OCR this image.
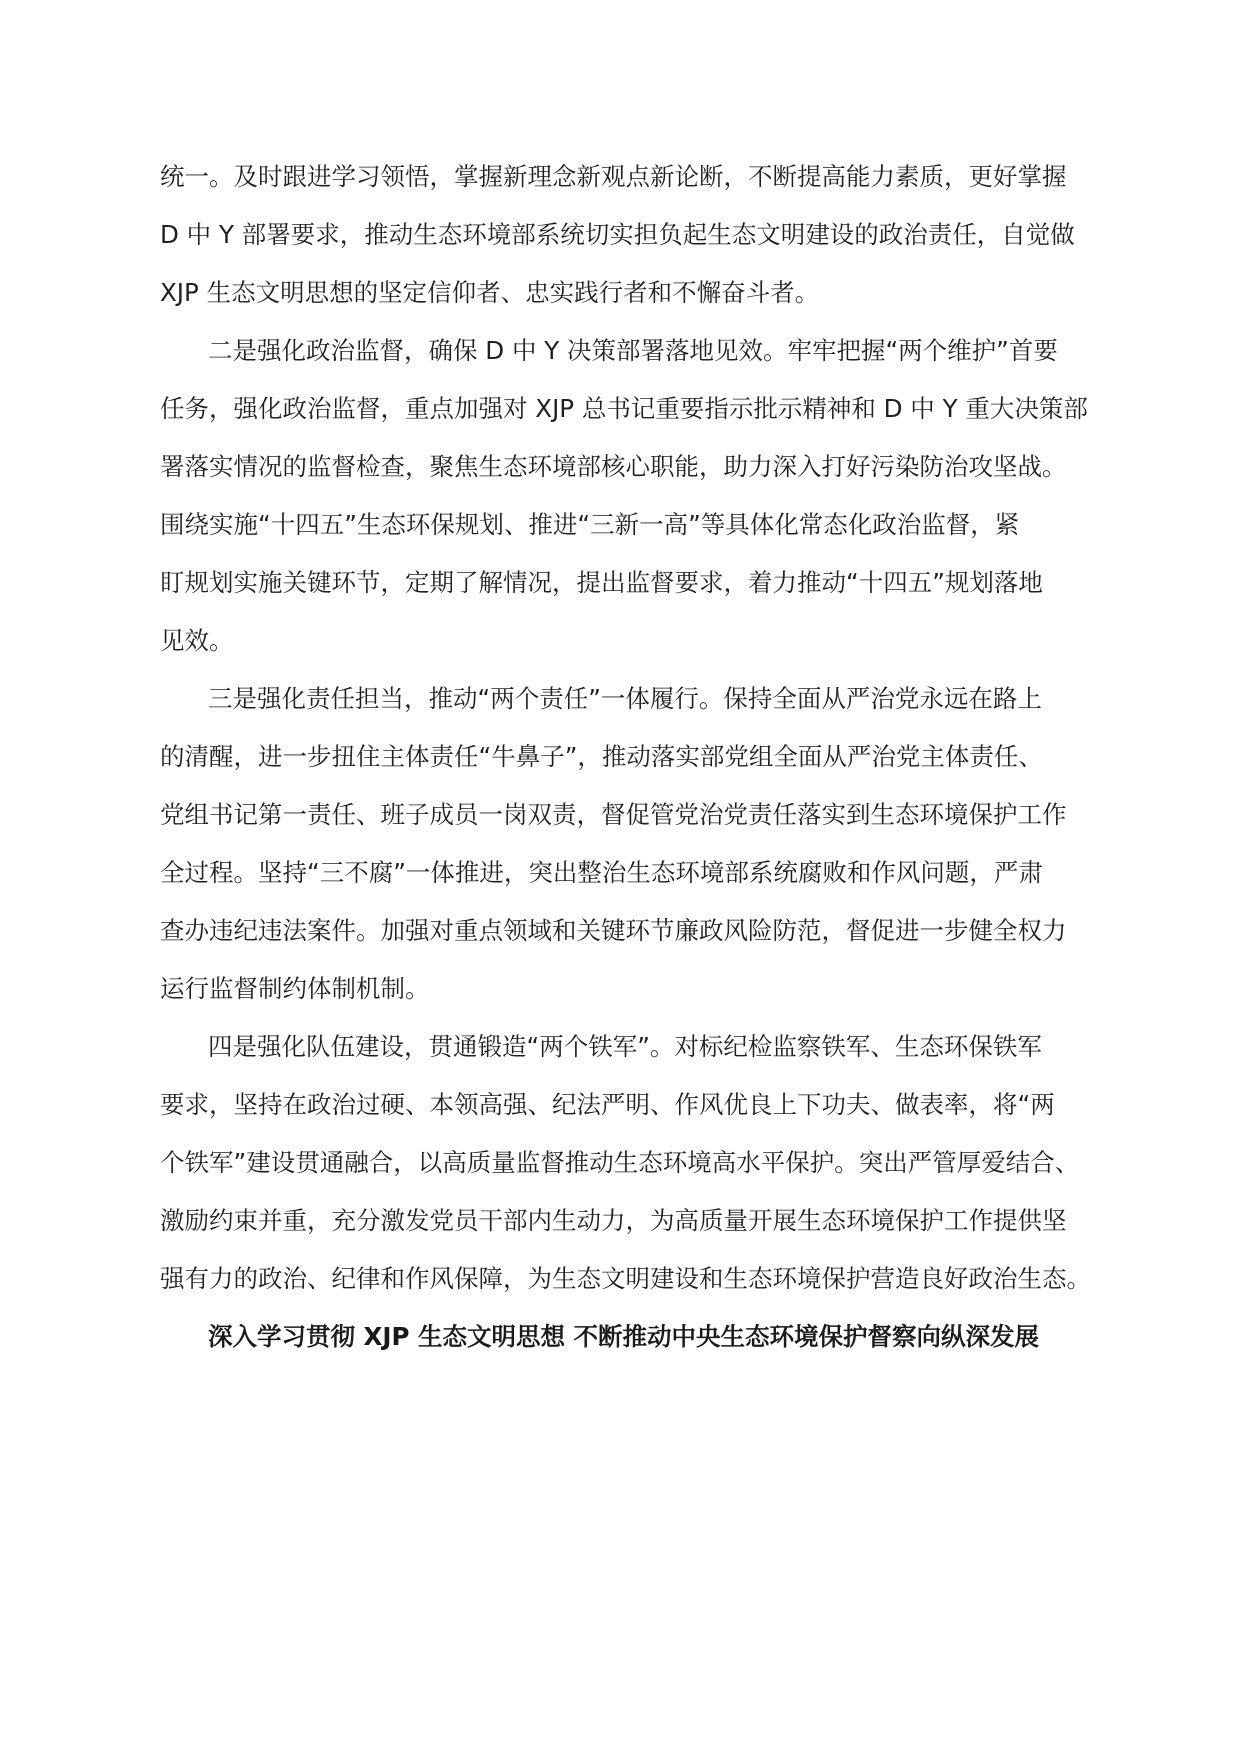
统一。及时跟进学习领悟，掌握新理念新观点新论断，不断提高能力素质，更好掌握
D 中 Y 部署要求，推动生态环境部系统切实担负起生态文明建设的政治责任，自觉做
XJP 生态文明思想的坚定信仰者、忠实践行者和不懈奋斗者。
二是强化政治监督，确保 D 中 Y 决策部署落地见效。牢牢把握“两个维护”首要
任务，强化政治监督，重点加强对 XJP 总书记重要指示批示精神和 D 中 Y 重大决策部
署落实情况的监督检查，聚焦生态环境部核心职能，助力深入打好污染防治攻坚战。
围绕实施“十四五”生态环保规划、推进“三新一高”等具体化常态化政治监督，紧
盯规划实施关键环节，定期了解情况，提出监督要求，着力推动“十四五”规划落地
见效。
三是强化责任担当，推动“两个责任”一体履行。保持全面从严治党永远在路上
的清醒，进一步扭住主体责任“牛鼻子”，推动落实部党组全面从严治党主体责任、
党组书记第一责任、班子成员一岗双责，督促管党治党责任落实到生态环境保护工作
全过程。坚持“三不腐”一体推进，突出整治生态环境部系统腐败和作风问题，严肃
查办违纪违法案件。加强对重点领域和关键环节廉政风险防范，督促进一步健全权力
运行监督制约体制机制。
四是强化队伍建设，贯通锻造“两个铁军”。对标纪检监察铁军、生态环保铁军
要求，坚持在政治过硬、本领高强、纪法严明、作风优良上下功夫、做表率，将“两
个铁军”建设贯通融合，以高质量监督推动生态环境高水平保护。突出严管厚爱结合、
激励约束并重，充分激发党员干部内生动力，为高质量开展生态环境保护工作提供坚
强有力的政治、纪律和作风保障，为生态文明建设和生态环境保护营造良好政治生态。
深入学习贯彻 XJP 生态文明思想 不断推动中央生态环境保护督察向纵深发展
